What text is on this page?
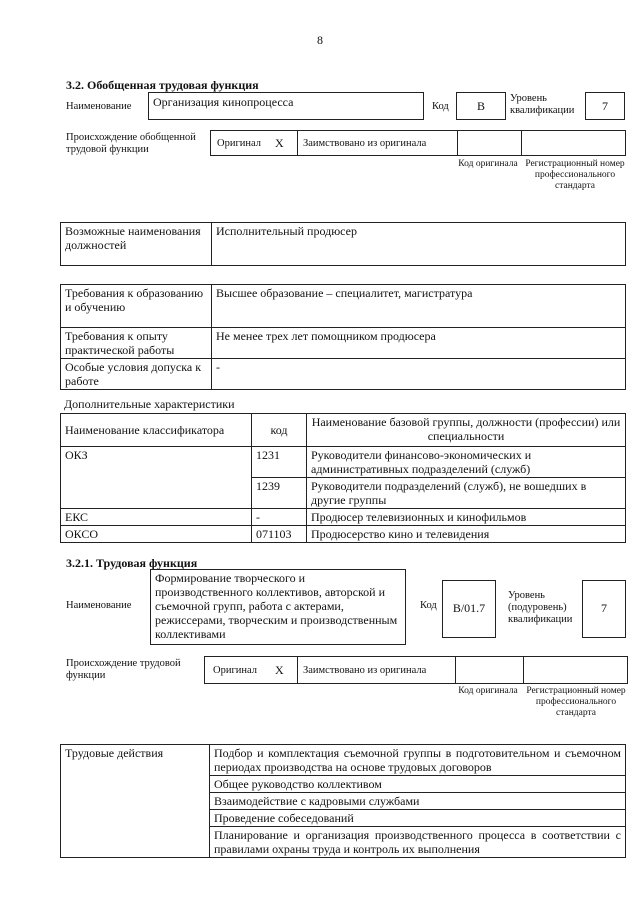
8
3.2. Обобщенная трудовая функция
Наименование	Организация кинопроцесса	Код	B
Уровень квалификации	7
Происхождение обобщенной трудовой функции
Оригинал X Заимствовано из оригинала
Код оригинала Регистрационный номер профессионального стандарта
Возможные наименования должностей	Исполнительный продюсер
Требования к образованию и обучению	Высшее образование – специалитет, магистратура
Требования к опыту практической работы	Не менее трех лет помощником продюсера
Особые условия допуска к работе	-
Дополнительные характеристики
Наименование классификатора	код	Наименование базовой группы, должности (профессии) или специальности
ОКЗ	1231	Руководители финансово-экономических и административных подразделений (служб)
	1239	Руководители подразделений (служб), не вошедших в другие группы
ЕКС	-	Продюсер телевизионных и кинофильмов
ОКСО	071103	Продюсерство кино и телевидения
3.2.1. Трудовая функция
Наименование
Формирование творческого и производственного коллективов, авторской и съемочной групп, работа с актерами, режиссерами, творческим и производственным коллективами
Код	B/01.7
Уровень (подуровень) квалификации
7
Происхождение трудовой функции	Оригинал X Заимствовано из оригинала
Код оригинала Регистрационный номер профессионального стандарта
Трудовые действия	Подбор и комплектация съемочной группы в подготовительном и съемочном периодах производства на основе трудовых договоров
Общее руководство коллективом
Взаимодействие с кадровыми службами
Проведение собеседований
Планирование и организация производственного процесса в соответствии с правилами охраны труда и контроль их выполнения
